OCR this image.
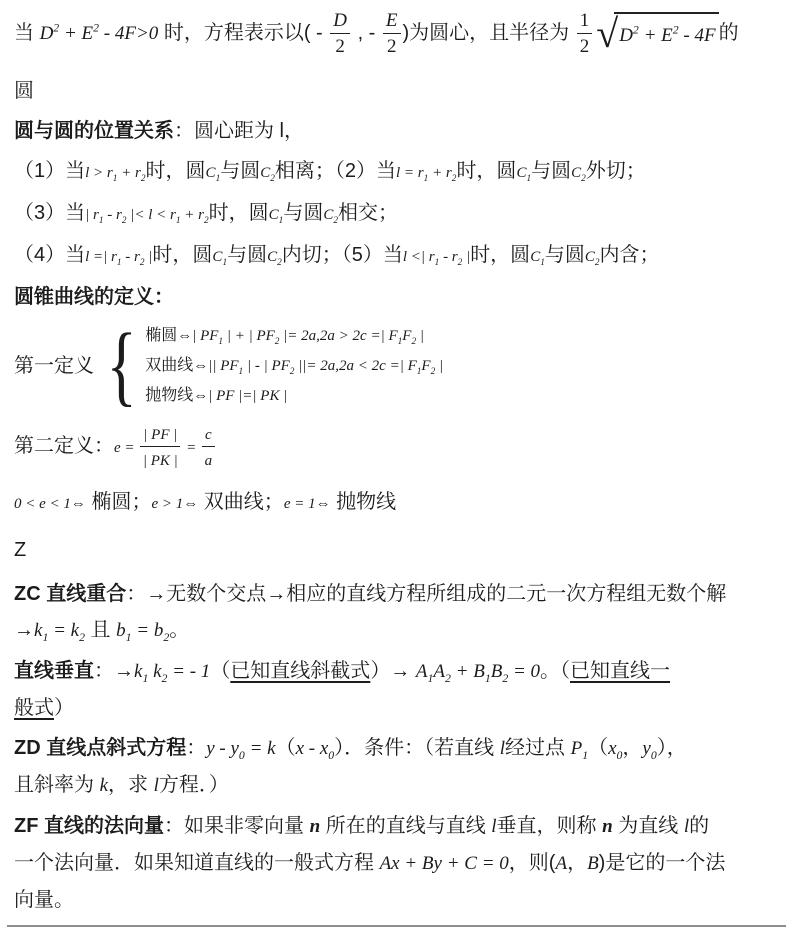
当 $D^2 + E^2 - 4F>0$ 时，方程表示以( - $\frac{D}{2}$ , - $\frac{E}{2}$ )为圆心，且半径为 $\frac{1}{2}$ √ $D^2 + E^2 - 4F$ 的
圆
圆与圆的位置关系：圆心距为 l，
（1）当$l > r_1 + r_2$时，圆$C_1$与圆$C_2$相离；（2）当$l = r_1 + r_2$时，圆$C_1$与圆$C_2$外切；
（3）当| $r_1 - r_2$ |< $l < r_1 + r_2$时，圆$C_1$与圆$C_2$相交；
（4）当l =| $r_1 - r_2$ |时，圆$C_1$与圆$C_2$内切；（5）当l <| $r_1 - r_2$ |时，圆$C_1$与圆$C_2$内含；
圆锥曲线的定义：
第一定义 { 椭圆⇔| $PF_1$ | + | $PF_2$ |= 2a,2a > 2c =| $F_1F_2$ |
双曲线⇔|| $PF_1$ | - | $PF_2$ ||= 2a,2a < 2c =| $F_1F_2$ |
抛物线⇔| PF |=| PK |
第二定义：$e = \frac{| PF |}{| PK |} = \frac{c}{a}$
0 < e < 1⇔ 椭圆；e > 1⇔ 双曲线；e = 1⇔ 抛物线
Z
ZC 直线重合：→无数个交点→相应的直线方程所组成的二元一次方程组无数个解
$\to k_1 = k_2$ 且 $b_1 = b_2$。
直线垂直：$\to k_1$ $k_2$ = - 1（已知直线斜截式）→ $A_1A_2 + B_1B_2 = 0$。（已知直线一
般式）
ZD 直线点斜式方程：$y - y_0 = k(x - x_0)$．条件：（若直线 l经过点 $P_1(x_0$，$y_0$），
且斜率为 k，求 l方程．）
ZF 直线的法向量：如果非零向量 n 所在的直线与直线 l垂直，则称 n 为直线 l的
一个法向量．如果知道直线的一般式方程 Ax + By + C = 0，则(A，B)是它的一个法
向量。
